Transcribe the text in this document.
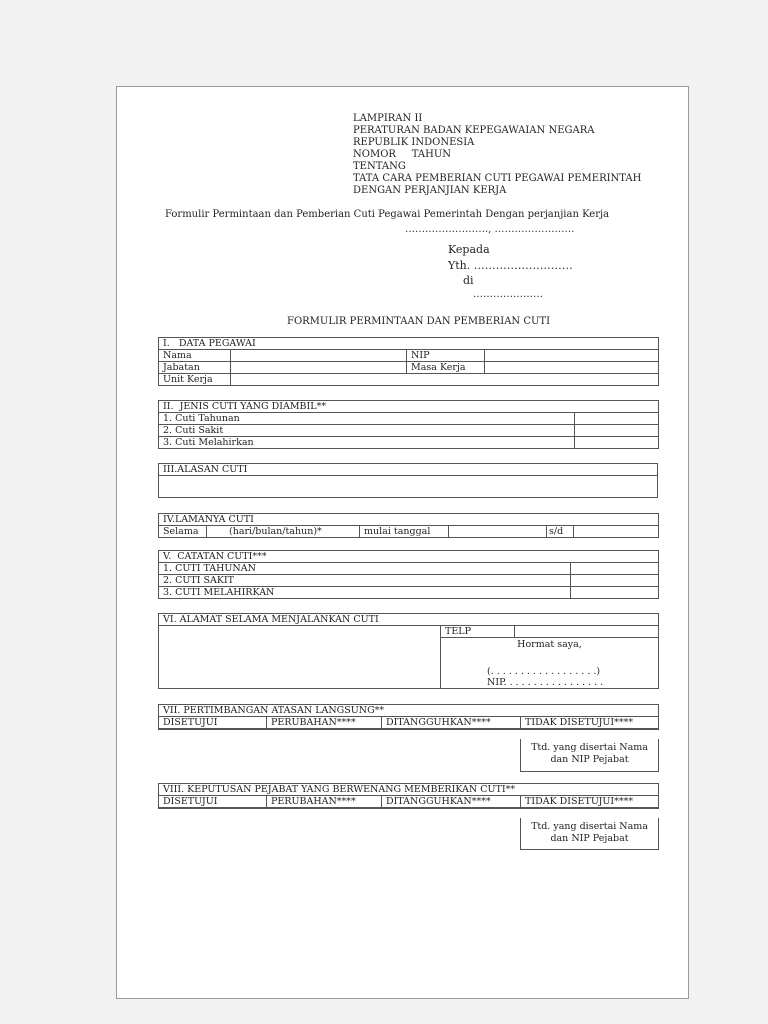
LAMPIRAN II
PERATURAN BADAN KEPEGAWAIAN NEGARA
REPUBLIK INDONESIA
NOMOR     TAHUN
TENTANG
TATA CARA PEMBERIAN CUTI PEGAWAI PEMERINTAH
DENGAN PERJANJIAN KERJA
Formulir Permintaan dan Pemberian Cuti Pegawai Pemerintah Dengan perjanjian Kerja
……………………., ……………………
Kepada
Yth. ………………………
di
…………………
FORMULIR PERMINTAAN DAN PEMBERIAN CUTI
I.   DATA PEGAWAI			
Nama		NIP	
Jabatan		Masa Kerja	
Unit Kerja			
II.  JENIS CUTI YANG DIAMBIL**	
1. Cuti Tahunan	
2. Cuti Sakit	
3. Cuti Melahirkan	
III.ALASAN CUTI

IV.LAMANYA CUTI
Selama	(hari/bulan/tahun)*	mulai tanggal		s/d	
V.  CATATAN CUTI***	
1. CUTI TAHUNAN	
2. CUTI SAKIT	
3. CUTI MELAHIRKAN	
VI. ALAMAT SELAMA MENJALANKAN CUTI
	TELP	

Hormat saya,
(. . . . . . . . . . . . . . . . . .)
NIP. . . . . . . . . . . . . . . . .
VII. PERTIMBANGAN ATASAN LANGSUNG**			
DISETUJUI	PERUBAHAN****	DITANGGUHKAN****	TIDAK DISETUJUI****

Ttd. yang disertai Nama
dan NIP Pejabat
VIII. KEPUTUSAN PEJABAT YANG BERWENANG MEMBERIKAN CUTI**			
DISETUJUI	PERUBAHAN****	DITANGGUHKAN****	TIDAK DISETUJUI****

Ttd. yang disertai Nama
dan NIP Pejabat
